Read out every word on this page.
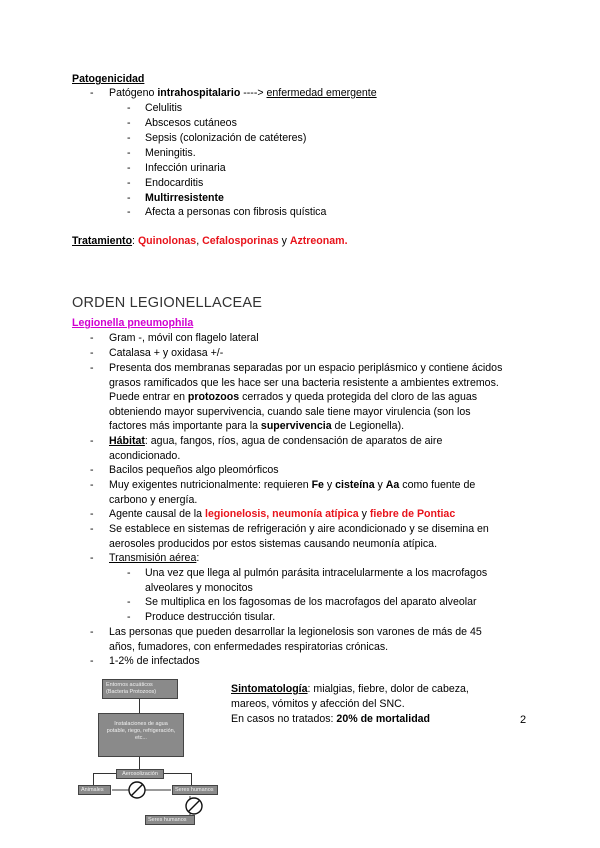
Patogenicidad
- Patógeno intrahospitalario ----> enfermedad emergente
- Celulitis
- Abscesos cutáneos
- Sepsis (colonización de catéteres)
- Meningitis.
- Infección urinaria
- Endocarditis
- Multirresistente
- Afecta a personas con fibrosis quística
Tratamiento: Quinolonas, Cefalosporinas y Aztreonam.
ORDEN LEGIONELLACEAE
Legionella pneumophila
- Gram -, móvil con flagelo lateral
- Catalasa + y oxidasa +/-
- Presenta dos membranas separadas por un espacio periplásmico y contiene ácidos
grasos ramificados que les hace ser una bacteria resistente a ambientes extremos.
Puede entrar en protozoos cerrados y queda protegida del cloro de las aguas
obteniendo mayor supervivencia, cuando sale tiene mayor virulencia (son los
factores más importante para la supervivencia de Legionella).
- Hábitat: agua, fangos, ríos, agua de condensación de aparatos de aire
acondicionado.
- Bacilos pequeños algo pleomórficos
- Muy exigentes nutricionalmente: requieren Fe y cisteína y Aa como fuente de
carbono y energía.
- Agente causal de la legionelosis, neumonía atípica y fiebre de Pontiac
- Se establece en sistemas de refrigeración y aire acondicionado y se disemina en
aerosoles producidos por estos sistemas causando neumonía atípica.
- Transmisión aérea:
- Una vez que llega al pulmón parásita intracelularmente a los macrofagos
alveolares y monocitos
- Se multiplica en los fagosomas de los macrofagos del aparato alveolar
- Produce destrucción tisular.
- Las personas que pueden desarrollar la legionelosis son varones de más de 45
años, fumadores, con enfermedades respiratorias crónicas.
- 1-2% de infectados
Sintomatología: mialgias, fiebre, dolor de cabeza,
mareos, vómitos y afección del SNC.
En casos no tratados: 20% de mortalidad
Entornos acuáticos
(Bacteria Protozoos)
Instalaciones de agua
potable, riego, refrigeración,
etc...
Aerosolización
Animales	Seres humanos
Seres humanos
2
